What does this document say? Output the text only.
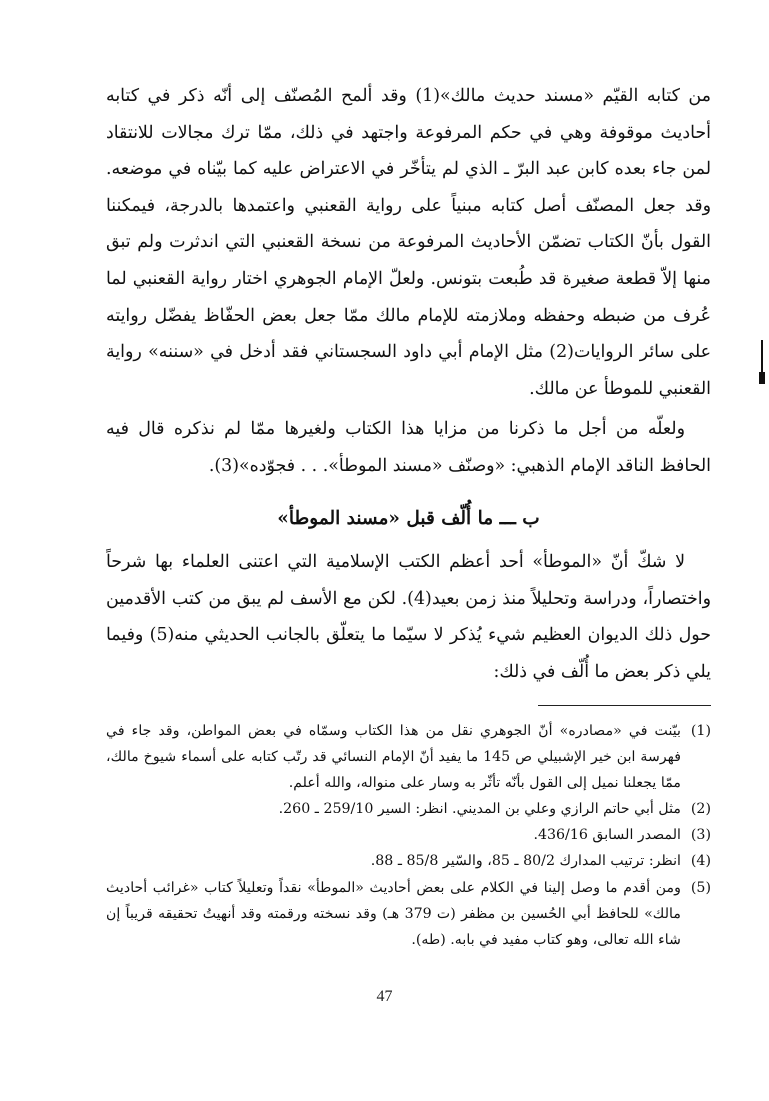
من كتابه القيّم «مسند حديث مالك»(1) وقد ألمح المُصنّف إلى أنّه ذكر في كتابه أحاديث موقوفة وهي في حكم المرفوعة واجتهد في ذلك، ممّا ترك مجالات للانتقاد لمن جاء بعده كابن عبد البرّ ـ الذي لم يتأخّر في الاعتراض عليه كما بيّناه في موضعه. وقد جعل المصنّف أصل كتابه مبنياً على رواية القعنبي واعتمدها بالدرجة، فيمكننا القول بأنّ الكتاب تضمّن الأحاديث المرفوعة من نسخة القعنبي التي اندثرت ولم تبق منها إلاّ قطعة صغيرة قد طُبعت بتونس. ولعلّ الإمام الجوهري اختار رواية القعنبي لما عُرف من ضبطه وحفظه وملازمته للإمام مالك ممّا جعل بعض الحفّاظ يفضّل روايته على سائر الروايات(2) مثل الإمام أبي داود السجستاني فقد أدخل في «سننه» رواية القعنبي للموطأ عن مالك.

ولعلّه من أجل ما ذكرنا من مزايا هذا الكتاب ولغيرها ممّا لم نذكره قال فيه الحافظ الناقد الإمام الذهبي: «وصنّف «مسند الموطأ». . . فجوّده»(3).

ب ـــ ما أُلّف قبل «مسند الموطأ»

لا شكّ أنّ «الموطأ» أحد أعظم الكتب الإسلامية التي اعتنى العلماء بها شرحاً واختصاراً، ودراسة وتحليلاً منذ زمن بعيد(4). لكن مع الأسف لم يبق من كتب الأقدمين حول ذلك الديوان العظيم شيء يُذكر لا سيّما ما يتعلّق بالجانب الحديثي منه(5) وفيما يلي ذكر بعض ما أُلّف في ذلك:

(1)
بيّنت في «مصادره» أنّ الجوهري نقل من هذا الكتاب وسمّاه في بعض المواطن، وقد جاء في فهرسة ابن خير الإشبيلي ص 145 ما يفيد أنّ الإمام النسائي قد رتّب كتابه على أسماء شيوخ مالك، ممّا يجعلنا نميل إلى القول بأنّه تأثّر به وسار على منواله، والله أعلم.

(2)
مثل أبي حاتم الرازي وعلي بن المديني. انظر: السير 259/10 ـ 260.

(3)
المصدر السابق 436/16.

(4)
انظر: ترتيب المدارك 80/2 ـ 85، والسّير 85/8 ـ 88.

(5)
ومن أقدم ما وصل إلينا في الكلام على بعض أحاديث «الموطأ» نقداً وتعليلاً كتاب «غرائب أحاديث مالك» للحافظ أبي الحُسين بن مظفر (ت 379 هـ) وقد نسخته ورقمته وقد أنهيتُ تحقيقه قريباً إن شاء الله تعالى، وهو كتاب مفيد في بابه. (طه).

47
